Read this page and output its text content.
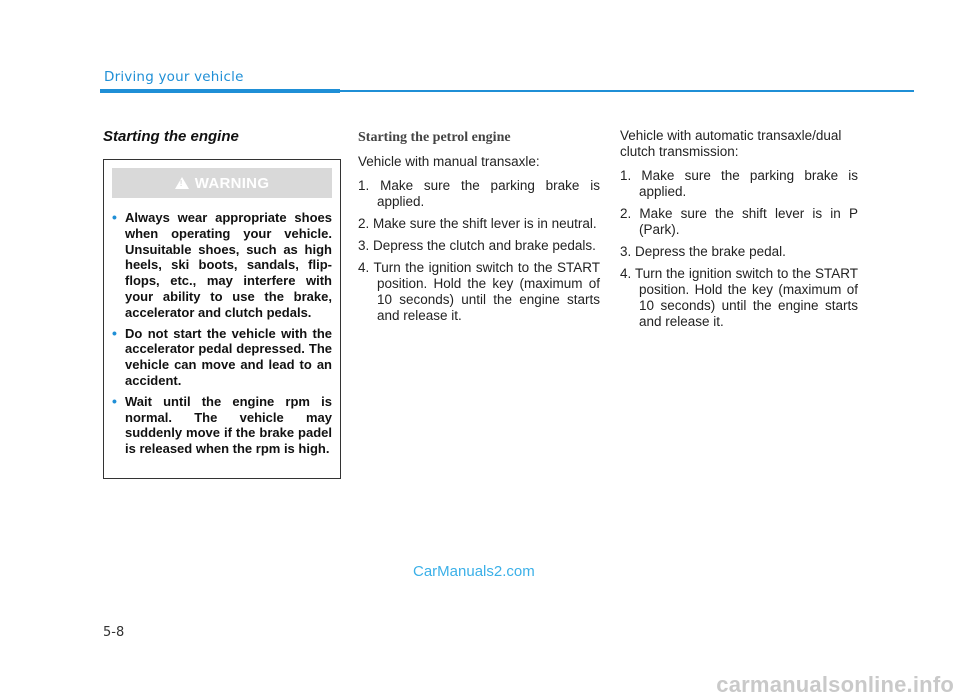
Driving your vehicle
Starting the engine
!
WARNING
• Always wear appropriate shoes when operating your vehicle. Unsuitable shoes, such as high heels, ski boots, sandals, flip-flops, etc., may interfere with your ability to use the brake, accelerator and clutch pedals.
• Do not start the vehicle with the accelerator pedal depressed. The vehicle can move and lead to an accident.
• Wait until the engine rpm is normal. The vehicle may suddenly move if the brake padel is released when the rpm is high.
Starting the petrol engine

Vehicle with manual transaxle:

1. Make sure the parking brake is applied.
2. Make sure the shift lever is in neutral.
3. Depress the clutch and brake pedals.
4. Turn the ignition switch to the START position. Hold the key (maximum of 10 seconds) until the engine starts and release it.

Vehicle with automatic transaxle/dual clutch transmission:

1. Make sure the parking brake is applied.
2. Make sure the shift lever is in P (Park).
3. Depress the brake pedal.
4. Turn the ignition switch to the START position. Hold the key (maximum of 10 seconds) until the engine starts and release it.
CarManuals2.com
5-8
carmanualsonline.info
